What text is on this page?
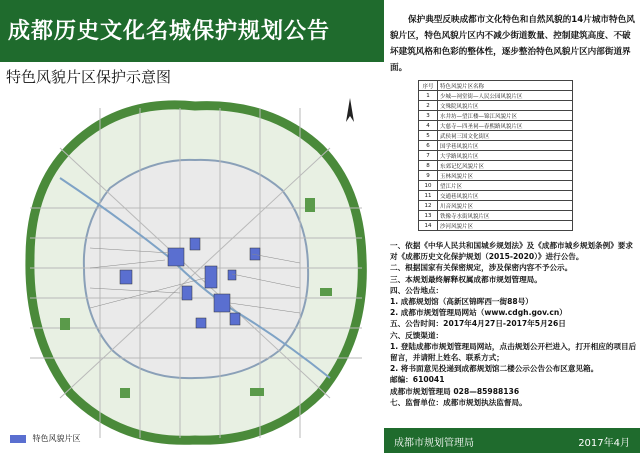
成都历史文化名城保护规划公告
特色风貌片区保护示意图
特色风貌片区
保护典型反映成都市文化特色和自然风貌的14片城市特色风貌片区，特色风貌片区内不减少街道数量、控制建筑高度、不破坏建筑风格和色彩的整体性，逐步整治特色风貌片区内部街道界面。
序号	特色风貌片区名称
1	少城—祠堂街—人民公园风貌片区
2	文殊院风貌片区
3	水井坊—望江楼—锦江风貌片区
4	大慈寺—四圣祠—春熙路风貌片区
5	武侯祠三国文化街区
6	国学巷风貌片区
7	大学路风貌片区
8	东郊记忆风貌片区
9	玉林风貌片区
10	望江片区
11	交通巷风貌片区
12	川音风貌片区
13	铁像寺水街风貌片区
14	沙河风貌片区

一、依据《中华人民共和国城乡规划法》及《成都市城乡规划条例》要求对《成都历史文化保护规划（2015-2020）》进行公告。

二、根据国家有关保密规定，涉及保密内容不予公示。

三、本规划最终解释权属成都市规划管理局。

四、公告地点：

1. 成都规划馆（高新区锦晖西一街88号）

2. 成都市规划管理局网站（www.cdgh.gov.cn）

五、公告时间：2017年4月27日-2017年5月26日

六、反馈渠道：

1. 登陆成都市规划管理局网站，点击规划公开栏进入，打开相应的项目后留言，并请附上姓名、联系方式；

2. 将书面意见投递到成都规划馆二楼公示公告公布区意见箱。

邮编：610041

成都市规划管理局 028—85988136

七、监督单位：成都市规划执法监督局。

成都市规划管理局	2017年4月
